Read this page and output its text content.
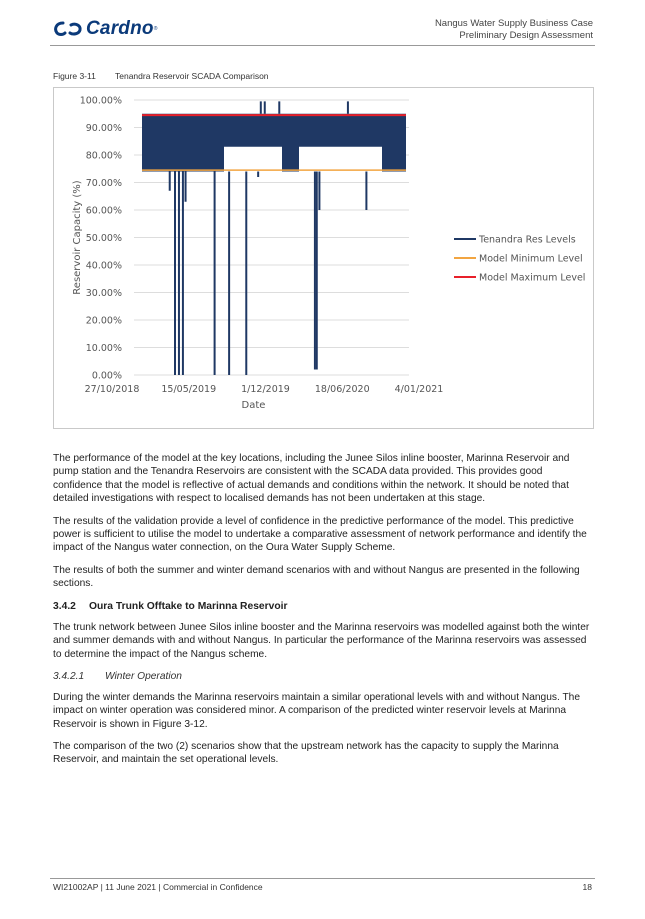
Cardno ®	Nangus Water Supply Business Case
Preliminary Design Assessment
Figure 3-11 Tenandra Reservoir SCADA Comparison
0.00%
10.00%
20.00%
30.00%
40.00%
50.00%
60.00%
70.00%
80.00%
90.00%
100.00%
Reservoir Capacity (%)
27/10/2018 15/05/2019	1/12/2019	18/06/2020	4/01/2021
Date
Tenandra Res Levels
Model Minimum Level
Model Maximum Level

The performance of the model at the key locations, including the Junee Silos inline booster, Marinna Reservoir and pump station and the Tenandra Reservoirs are consistent with the SCADA data provided. This provides good confidence that the model is reflective of actual demands and conditions within the network. It should be noted that detailed investigations with respect to localised demands has not been undertaken at this stage.

The results of the validation provide a level of confidence in the predictive performance of the model. This predictive power is sufficient to utilise the model to undertake a comparative assessment of network performance and identify the impact of the Nangus water connection, on the Oura Water Supply Scheme.

The results of both the summer and winter demand scenarios with and without Nangus are presented in the following sections.

3.4.2 Oura Trunk Offtake to Marinna Reservoir

The trunk network between Junee Silos inline booster and the Marinna reservoirs was modelled against both the winter and summer demands with and without Nangus. In particular the performance of the Marinna reservoirs was assessed to determine the impact of the Nangus scheme.

3.4.2.1 Winter Operation

During the winter demands the Marinna reservoirs maintain a similar operational levels with and without Nangus. The impact on winter operation was considered minor. A comparison of the predicted winter reservoir levels at Marinna Reservoir is shown in Figure 3-12.

The comparison of the two (2) scenarios show that the upstream network has the capacity to supply the Marinna Reservoir, and maintain the set operational levels.

WI21002AP | 11 June 2021 | Commercial in Confidence	18
